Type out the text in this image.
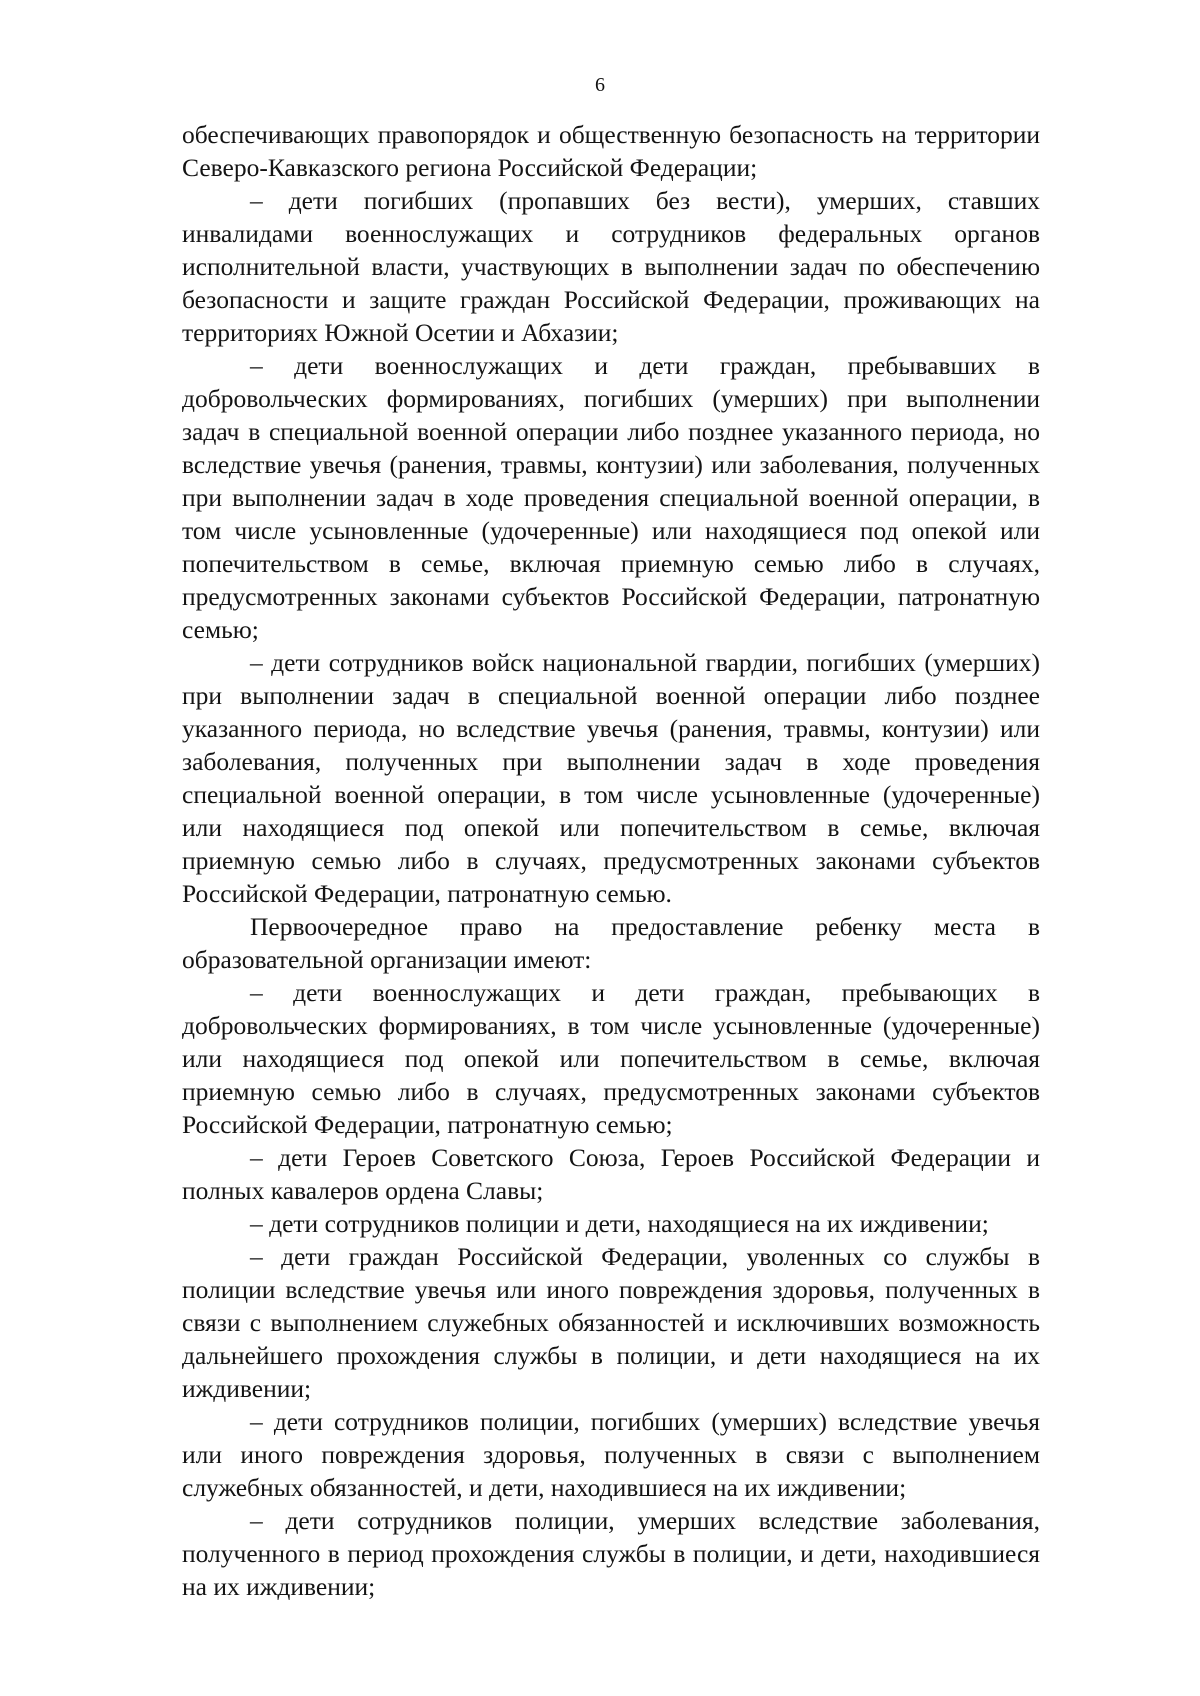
6

обеспечивающих правопорядок и общественную безопасность на территории Северо-Кавказского региона Российской Федерации;

– дети погибших (пропавших без вести), умерших, ставших инвалидами военнослужащих и сотрудников федеральных органов исполнительной власти, участвующих в выполнении задач по обеспечению безопасности и защите граждан Российской Федерации, проживающих на территориях Южной Осетии и Абхазии;

– дети военнослужащих и дети граждан, пребывавших в добровольческих формированиях, погибших (умерших) при выполнении задач в специальной военной операции либо позднее указанного периода, но вследствие увечья (ранения, травмы, контузии) или заболевания, полученных при выполнении задач в ходе проведения специальной военной операции, в том числе усыновленные (удочеренные) или находящиеся под опекой или попечительством в семье, включая приемную семью либо в случаях, предусмотренных законами субъектов Российской Федерации, патронатную семью;

– дети сотрудников войск национальной гвардии, погибших (умерших) при выполнении задач в специальной военной операции либо позднее указанного периода, но вследствие увечья (ранения, травмы, контузии) или заболевания, полученных при выполнении задач в ходе проведения специальной военной операции, в том числе усыновленные (удочеренные) или находящиеся под опекой или попечительством в семье, включая приемную семью либо в случаях, предусмотренных законами субъектов Российской Федерации, патронатную семью.

Первоочередное право на предоставление ребенку места в образовательной организации имеют:

– дети военнослужащих и дети граждан, пребывающих в добровольческих формированиях, в том числе усыновленные (удочеренные) или находящиеся под опекой или попечительством в семье, включая приемную семью либо в случаях, предусмотренных законами субъектов Российской Федерации, патронатную семью;

– дети Героев Советского Союза, Героев Российской Федерации и полных кавалеров ордена Славы;

– дети сотрудников полиции и дети, находящиеся на их иждивении;

– дети граждан Российской Федерации, уволенных со службы в полиции вследствие увечья или иного повреждения здоровья, полученных в связи с выполнением служебных обязанностей и исключивших возможность дальнейшего прохождения службы в полиции, и дети находящиеся на их иждивении;

– дети сотрудников полиции, погибших (умерших) вследствие увечья или иного повреждения здоровья, полученных в связи с выполнением служебных обязанностей, и дети, находившиеся на их иждивении;

– дети сотрудников полиции, умерших вследствие заболевания, полученного в период прохождения службы в полиции, и дети, находившиеся на их иждивении;
